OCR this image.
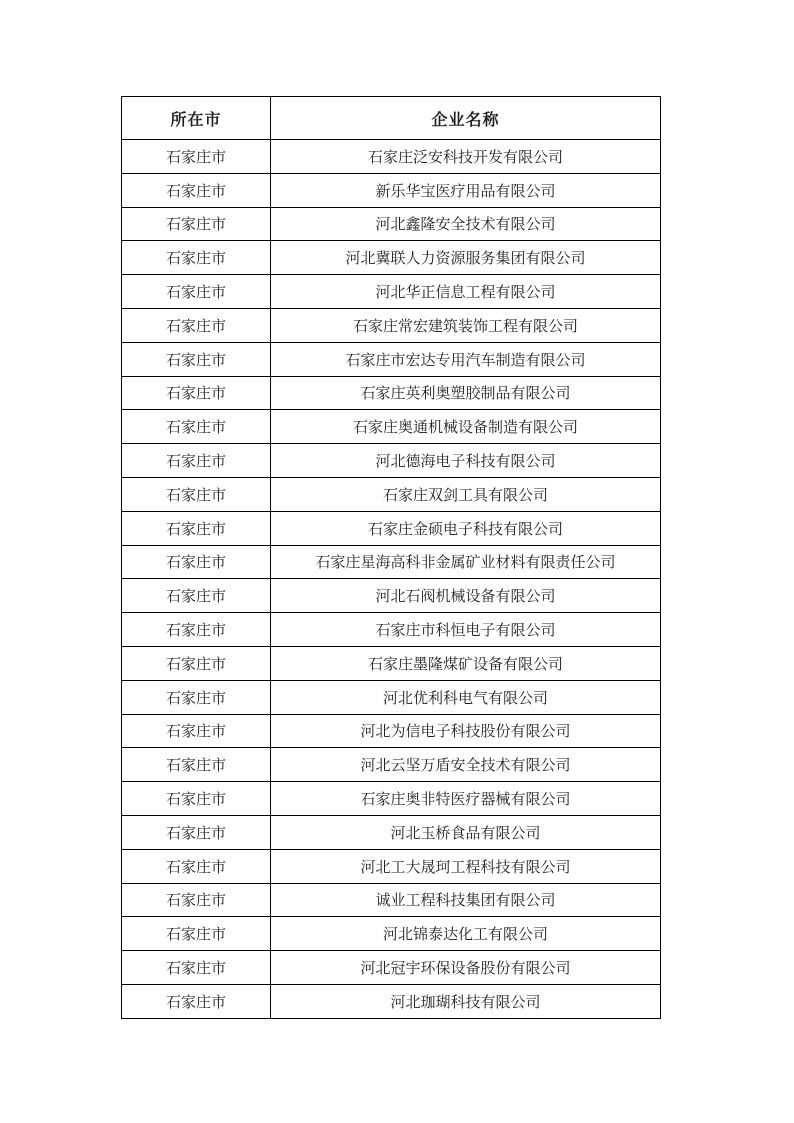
所在市	企业名称
石家庄市	石家庄泛安科技开发有限公司
石家庄市	新乐华宝医疗用品有限公司
石家庄市	河北鑫隆安全技术有限公司
石家庄市	河北冀联人力资源服务集团有限公司
石家庄市	河北华正信息工程有限公司
石家庄市	石家庄常宏建筑装饰工程有限公司
石家庄市	石家庄市宏达专用汽车制造有限公司
石家庄市	石家庄英利奥塑胶制品有限公司
石家庄市	石家庄奥通机械设备制造有限公司
石家庄市	河北德海电子科技有限公司
石家庄市	石家庄双剑工具有限公司
石家庄市	石家庄金硕电子科技有限公司
石家庄市	石家庄星海高科非金属矿业材料有限责任公司
石家庄市	河北石阀机械设备有限公司
石家庄市	石家庄市科恒电子有限公司
石家庄市	石家庄墨隆煤矿设备有限公司
石家庄市	河北优利科电气有限公司
石家庄市	河北为信电子科技股份有限公司
石家庄市	河北云坚万盾安全技术有限公司
石家庄市	石家庄奥非特医疗器械有限公司
石家庄市	河北玉桥食品有限公司
石家庄市	河北工大晟珂工程科技有限公司
石家庄市	诚业工程科技集团有限公司
石家庄市	河北锦泰达化工有限公司
石家庄市	河北冠宇环保设备股份有限公司
石家庄市	河北珈瑚科技有限公司
